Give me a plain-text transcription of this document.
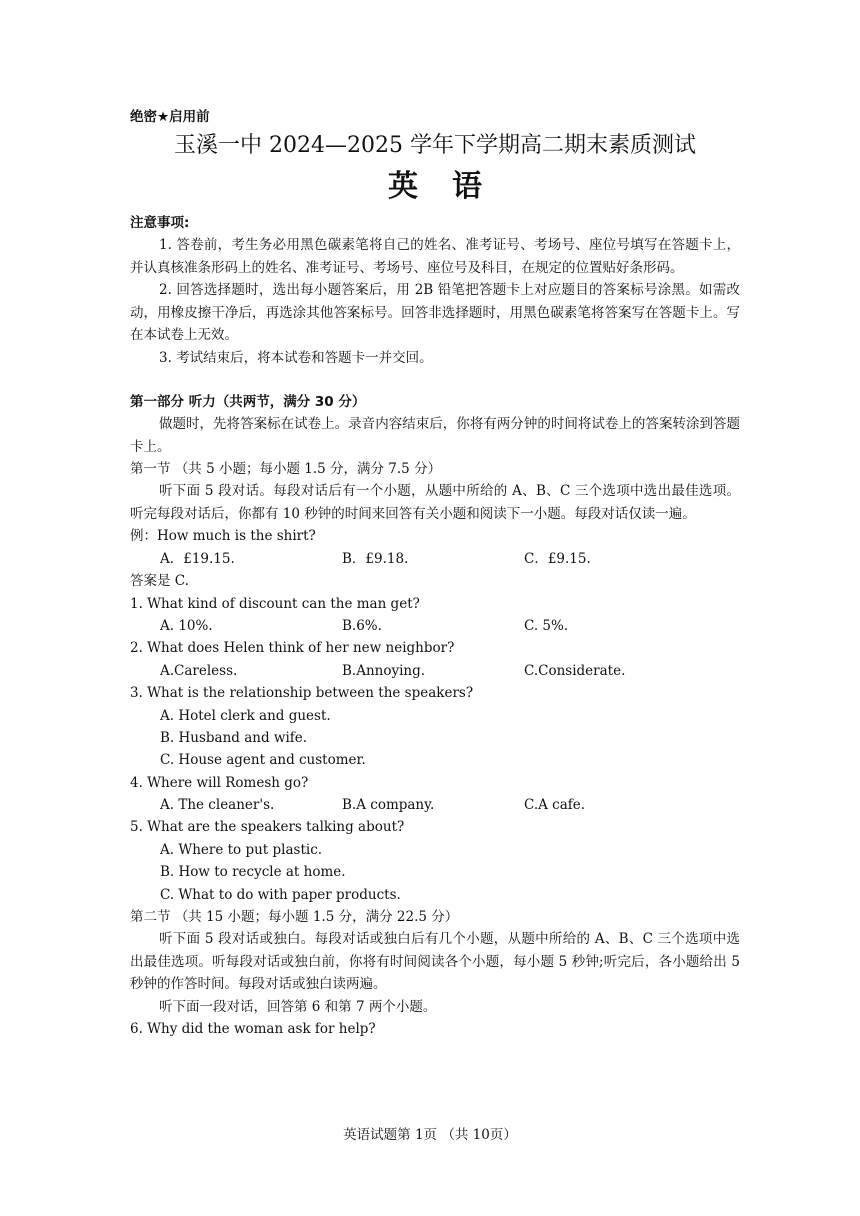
绝密★启用前
玉溪一中 2024—2025 学年下学期高二期末素质测试
英语
注意事项:
1. 答卷前，考生务必用黑色碳素笔将自己的姓名、准考证号、考场号、座位号填写在答题卡上，并认真核准条形码上的姓名、准考证号、考场号、座位号及科目，在规定的位置贴好条形码。
2. 回答选择题时，选出每小题答案后，用 2B 铅笔把答题卡上对应题目的答案标号涂黑。如需改动，用橡皮擦干净后，再选涂其他答案标号。回答非选择题时，用黑色碳素笔将答案写在答题卡上。写在本试卷上无效。
3. 考试结束后，将本试卷和答题卡一并交回。
第一部分 听力（共两节，满分 30 分）
做题时，先将答案标在试卷上。录音内容结束后，你将有两分钟的时间将试卷上的答案转涂到答题卡上。
第一节 （共 5 小题；每小题 1.5 分，满分 7.5 分）
听下面 5 段对话。每段对话后有一个小题，从题中所给的 A、B、C 三个选项中选出最佳选项。听完每段对话后，你都有 10 秒钟的时间来回答有关小题和阅读下一小题。每段对话仅读一遍。
例：How much is the shirt?
A．£19.15.	B．£9.18.	C．£9.15.
答案是 C.
1. What kind of discount can the man get?
A. 10%.	B.6%.	C. 5%.
2. What does Helen think of her new neighbor?
A.Careless.	B.Annoying.	C.Considerate.
3. What is the relationship between the speakers?
A. Hotel clerk and guest.
B. Husband and wife.
C. House agent and customer.
4. Where will Romesh go?
A. The cleaner's.	B.A company.	C.A cafe.
5. What are the speakers talking about?
A. Where to put plastic.
B. How to recycle at home.
C. What to do with paper products.
第二节 （共 15 小题；每小题 1.5 分，满分 22.5 分）
听下面 5 段对话或独白。每段对话或独白后有几个小题，从题中所给的 A、B、C 三个选项中选出最佳选项。听每段对话或独白前，你将有时间阅读各个小题，每小题 5 秒钟;听完后，各小题给出 5 秒钟的作答时间。每段对话或独白读两遍。
听下面一段对话，回答第 6 和第 7 两个小题。
6. Why did the woman ask for help?
英语试题第 1页 （共 10页）
